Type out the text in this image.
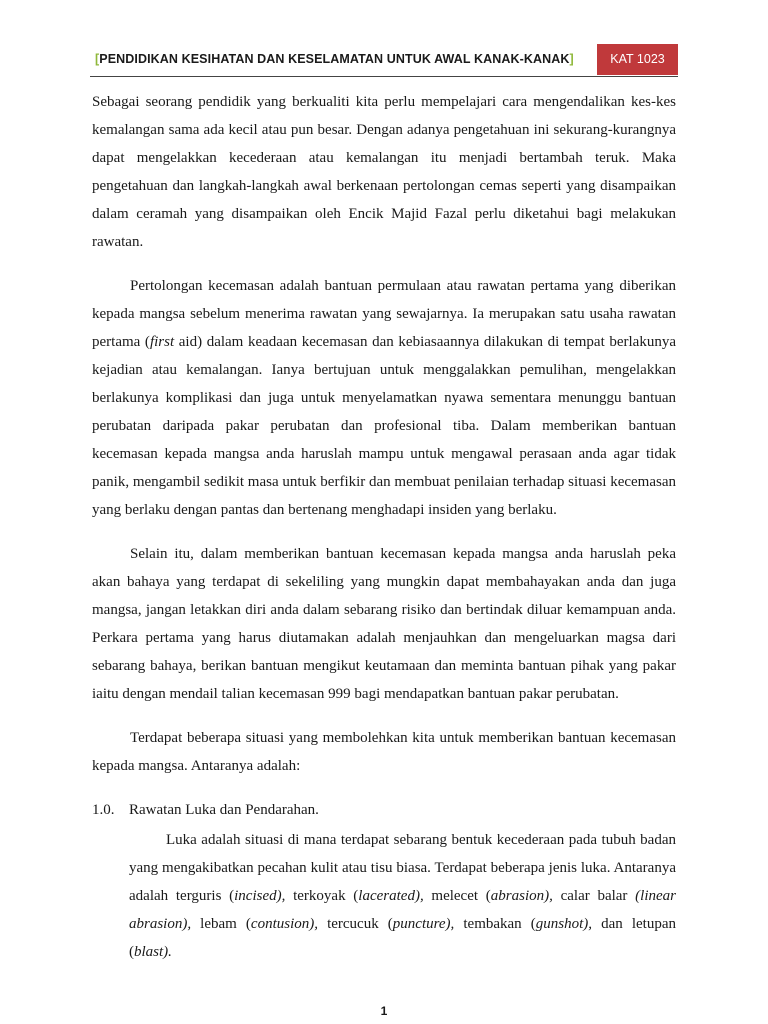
[PENDIDIKAN KESIHATAN DAN KESELAMATAN UNTUK AWAL KANAK-KANAK]	KAT 1023

Sebagai seorang pendidik yang berkualiti kita perlu mempelajari cara mengendalikan kes-kes kemalangan sama ada kecil atau pun besar. Dengan adanya pengetahuan ini sekurang-kurangnya dapat mengelakkan kecederaan atau kemalangan itu menjadi bertambah teruk. Maka pengetahuan dan langkah-langkah awal berkenaan pertolongan cemas seperti yang disampaikan dalam ceramah yang disampaikan oleh Encik Majid Fazal perlu diketahui bagi melakukan rawatan.

Pertolongan kecemasan adalah bantuan permulaan atau rawatan pertama yang diberikan kepada mangsa sebelum menerima rawatan yang sewajarnya. Ia merupakan satu usaha rawatan pertama (first aid) dalam keadaan kecemasan dan kebiasaannya dilakukan di tempat berlakunya kejadian atau kemalangan. Ianya bertujuan untuk menggalakkan pemulihan, mengelakkan berlakunya komplikasi dan juga untuk menyelamatkan nyawa sementara menunggu bantuan perubatan daripada pakar perubatan dan profesional tiba. Dalam memberikan bantuan kecemasan kepada mangsa anda haruslah mampu untuk mengawal perasaan anda agar tidak panik, mengambil sedikit masa untuk berfikir dan membuat penilaian terhadap situasi kecemasan yang berlaku dengan pantas dan bertenang menghadapi insiden yang berlaku.

Selain itu, dalam memberikan bantuan kecemasan kepada mangsa anda haruslah peka akan bahaya yang terdapat di sekeliling yang mungkin dapat membahayakan anda dan juga mangsa, jangan letakkan diri anda dalam sebarang risiko dan bertindak diluar kemampuan anda. Perkara pertama yang harus diutamakan adalah menjauhkan dan mengeluarkan magsa dari sebarang bahaya, berikan bantuan mengikut keutamaan dan meminta bantuan pihak yang pakar iaitu dengan mendail talian kecemasan 999 bagi mendapatkan bantuan pakar perubatan.

Terdapat beberapa situasi yang membolehkan kita untuk memberikan bantuan kecemasan kepada mangsa. Antaranya adalah:

1.0. Rawatan Luka dan Pendarahan.

Luka adalah situasi di mana terdapat sebarang bentuk kecederaan pada tubuh badan yang mengakibatkan pecahan kulit atau tisu biasa. Terdapat beberapa jenis luka. Antaranya adalah terguris (incised), terkoyak (lacerated), melecet (abrasion), calar balar (linear abrasion), lebam (contusion), tercucuk (puncture), tembakan (gunshot), dan letupan (blast).

1
